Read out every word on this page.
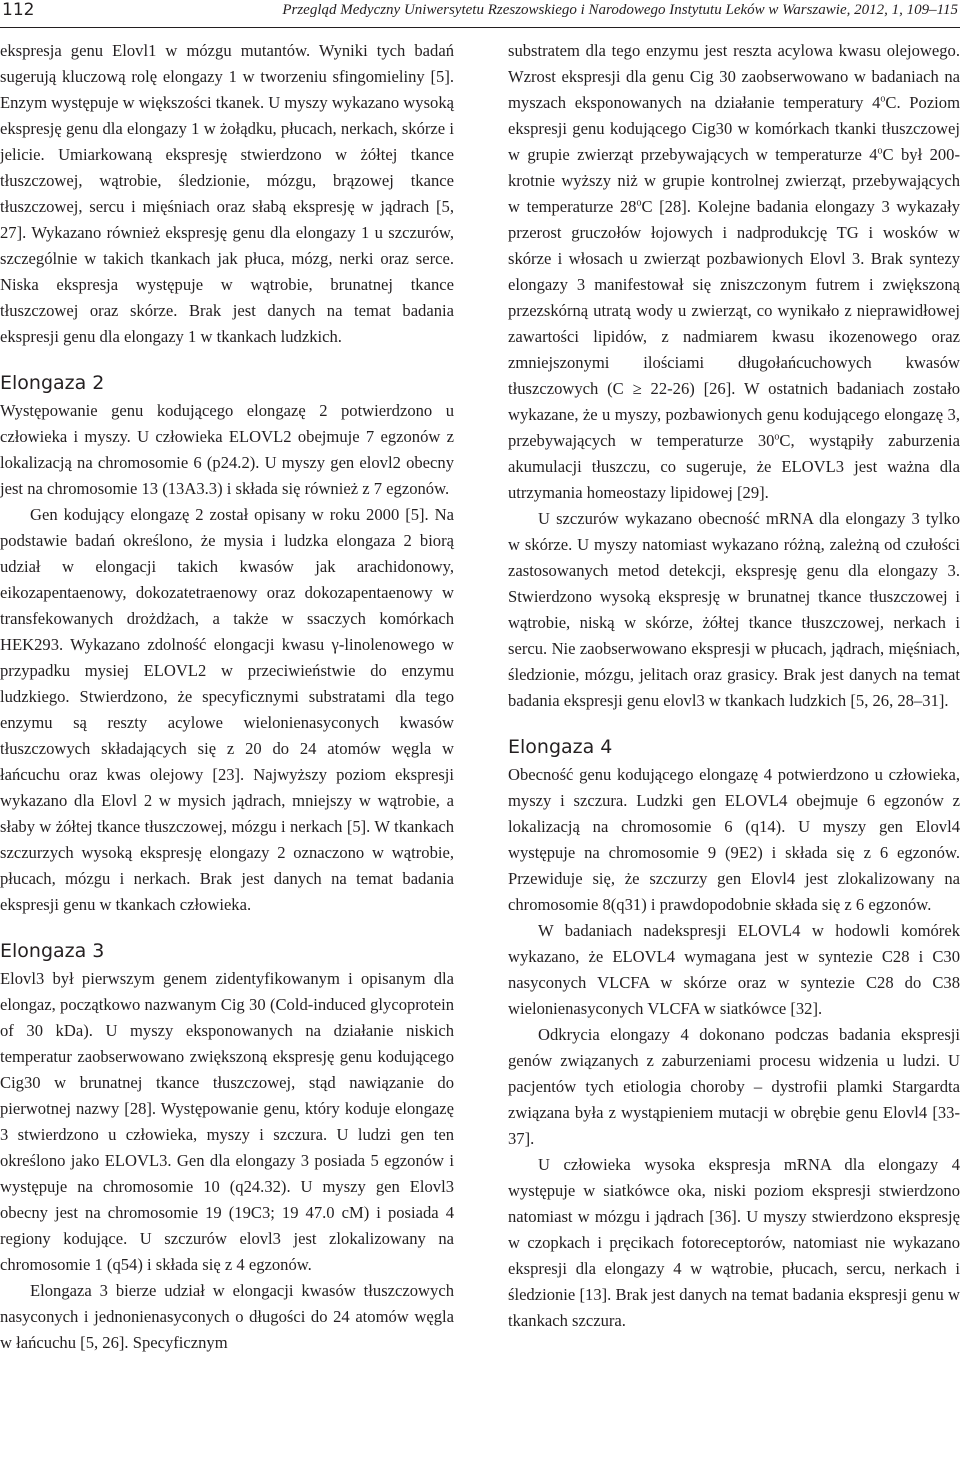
112	Przegląd Medyczny Uniwersytetu Rzeszowskiego i Narodowego Instytutu Leków w Warszawie, 2012, 1, 109–115

ekspresja genu Elovl1 w mózgu mutantów. Wyniki tych badań sugerują kluczową rolę elongazy 1 w tworzeniu sfingomieliny [5]. Enzym występuje w większości tkanek. U myszy wykazano wysoką ekspresję genu dla elongazy 1 w żołądku, płucach, nerkach, skórze i jelicie. Umiarkowaną ekspresję stwierdzono w żółtej tkance tłuszczowej, wątrobie, śledzionie, mózgu, brązowej tkance tłuszczowej, sercu i mięśniach oraz słabą ekspresję w jądrach [5, 27]. Wykazano również ekspresję genu dla elongazy 1 u szczurów, szczególnie w takich tkankach jak płuca, mózg, nerki oraz serce. Niska ekspresja występuje w wątrobie, brunatnej tkance tłuszczowej oraz skórze. Brak jest danych na temat badania ekspresji genu dla elongazy 1 w tkankach ludzkich.

Elongaza 2

Występowanie genu kodującego elongazę 2 potwierdzono u człowieka i myszy. U człowieka ELOVL2 obejmuje 7 egzonów z lokalizacją na chromosomie 6 (p24.2). U myszy gen elovl2 obecny jest na chromosomie 13 (13A3.3) i składa się również z 7 egzonów.

Gen kodujący elongazę 2 został opisany w roku 2000 [5]. Na podstawie badań określono, że mysia i ludzka elongaza 2 biorą udział w elongacji takich kwasów jak arachidonowy, eikozapentaenowy, dokozatetraenowy oraz dokozapentaenowy w transfekowanych drożdżach, a także w ssaczych komórkach HEK293. Wykazano zdolność elongacji kwasu γ-linolenowego w przypadku mysiej ELOVL2 w przeciwieństwie do enzymu ludzkiego. Stwierdzono, że specyficznymi substratami dla tego enzymu są reszty acylowe wielonienasyconych kwasów tłuszczowych składających się z 20 do 24 atomów węgla w łańcuchu oraz kwas olejowy [23]. Najwyższy poziom ekspresji wykazano dla Elovl 2 w mysich jądrach, mniejszy w wątrobie, a słaby w żółtej tkance tłuszczowej, mózgu i nerkach [5]. W tkankach szczurzych wysoką ekspresję elongazy 2 oznaczono w wątrobie, płucach, mózgu i nerkach. Brak jest danych na temat badania ekspresji genu w tkankach człowieka.

Elongaza 3

Elovl3 był pierwszym genem zidentyfikowanym i opisanym dla elongaz, początkowo nazwanym Cig 30 (Cold-induced glycoprotein of 30 kDa). U myszy eksponowanych na działanie niskich temperatur zaobserwowano zwiększoną ekspresję genu kodującego Cig30 w brunatnej tkance tłuszczowej, stąd nawiązanie do pierwotnej nazwy [28]. Występowanie genu, który koduje elongazę 3 stwierdzono u człowieka, myszy i szczura. U ludzi gen ten określono jako ELOVL3. Gen dla elongazy 3 posiada 5 egzonów i występuje na chromosomie 10 (q24.32). U myszy gen Elovl3 obecny jest na chromosomie 19 (19C3; 19 47.0 cM) i posiada 4 regiony kodujące. U szczurów elovl3 jest zlokalizowany na chromosomie 1 (q54) i składa się z 4 egzonów.

Elongaza 3 bierze udział w elongacji kwasów tłuszczowych nasyconych i jednonienasyconych o długości do 24 atomów węgla w łańcuchu [5, 26]. Specyficznym

substratem dla tego enzymu jest reszta acylowa kwasu olejowego. Wzrost ekspresji dla genu Cig 30 zaobserwowano w badaniach na myszach eksponowanych na działanie temperatury 4$^o$C. Poziom ekspresji genu kodującego Cig30 w komórkach tkanki tłuszczowej w grupie zwierząt przebywających w temperaturze 4$^o$C był 200-krotnie wyższy niż w grupie kontrolnej zwierząt, przebywających w temperaturze 28$^o$C [28]. Kolejne badania elongazy 3 wykazały przerost gruczołów łojowych i nadprodukcję TG i wosków w skórze i włosach u zwierząt pozbawionych Elovl 3. Brak syntezy elongazy 3 manifestował się zniszczonym futrem i zwiększoną przezskórną utratą wody u zwierząt, co wynikało z nieprawidłowej zawartości lipidów, z nadmiarem kwasu ikozenowego oraz zmniejszonymi ilościami długołańcuchowych kwasów tłuszczowych (C ≥ 22-26) [26]. W ostatnich badaniach zostało wykazane, że u myszy, pozbawionych genu kodującego elongazę 3, przebywających w temperaturze 30$^o$C, wystąpiły zaburzenia akumulacji tłuszczu, co sugeruje, że ELOVL3 jest ważna dla utrzymania homeostazy lipidowej [29].

U szczurów wykazano obecność mRNA dla elongazy 3 tylko w skórze. U myszy natomiast wykazano różną, zależną od czułości zastosowanych metod detekcji, ekspresję genu dla elongazy 3. Stwierdzono wysoką ekspresję w brunatnej tkance tłuszczowej i wątrobie, niską w skórze, żółtej tkance tłuszczowej, nerkach i sercu. Nie zaobserwowano ekspresji w płucach, jądrach, mięśniach, śledzionie, mózgu, jelitach oraz grasicy. Brak jest danych na temat badania ekspresji genu elovl3 w tkankach ludzkich [5, 26, 28–31].

Elongaza 4

Obecność genu kodującego elongazę 4 potwierdzono u człowieka, myszy i szczura. Ludzki gen ELOVL4 obejmuje 6 egzonów z lokalizacją na chromosomie 6 (q14). U myszy gen Elovl4 występuje na chromosomie 9 (9E2) i składa się z 6 egzonów. Przewiduje się, że szczurzy gen Elovl4 jest zlokalizowany na chromosomie 8(q31) i prawdopodobnie składa się z 6 egzonów.

W badaniach nadekspresji ELOVL4 w hodowli komórek wykazano, że ELOVL4 wymagana jest w syntezie C28 i C30 nasyconych VLCFA w skórze oraz w syntezie C28 do C38 wielonienasyconych VLCFA w siatkówce [32].

Odkrycia elongazy 4 dokonano podczas badania ekspresji genów związanych z zaburzeniami procesu widzenia u ludzi. U pacjentów tych etiologia choroby – dystrofii plamki Stargardta związana była z wystąpieniem mutacji w obrębie genu Elovl4 [33-37].

U człowieka wysoka ekspresja mRNA dla elongazy 4 występuje w siatkówce oka, niski poziom ekspresji stwierdzono natomiast w mózgu i jądrach [36]. U myszy stwierdzono ekspresję w czopkach i pręcikach fotoreceptorów, natomiast nie wykazano ekspresji dla elongazy 4 w wątrobie, płucach, sercu, nerkach i śledzionie [13]. Brak jest danych na temat badania ekspresji genu w tkankach szczura.
